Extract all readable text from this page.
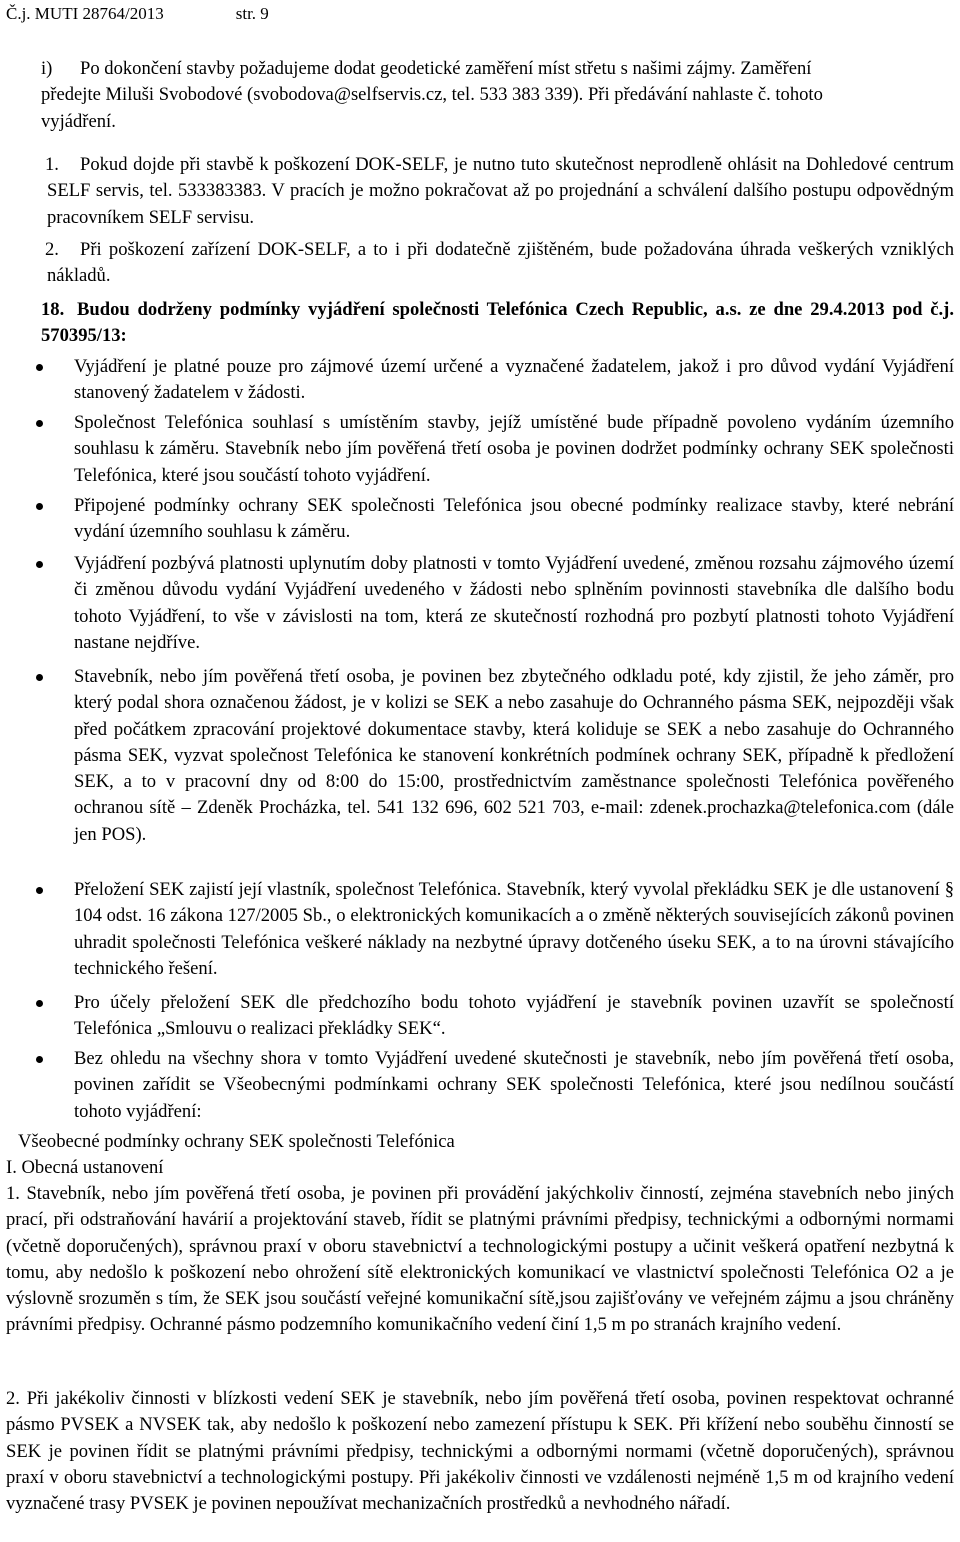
Č.j. MUTI 28764/2013	str. 9
i)	Po dokončení stavby požadujeme dodat geodetické zaměření míst střetu s našimi zájmy. Zaměření předejte Miluši Svobodové (svobodova@selfservis.cz, tel. 533 383 339). Při předávání nahlaste č. tohoto vyjádření.
1.	Pokud dojde při stavbě k poškození DOK-SELF, je nutno tuto skutečnost neprodleně ohlásit na Dohledové centrum SELF servis, tel. 533383383. V pracích je možno pokračovat až po projednání a schválení dalšího postupu odpovědným pracovníkem SELF servisu.
2.	Při poškození zařízení DOK-SELF, a to i při dodatečně zjištěném, bude požadována úhrada veškerých vzniklých nákladů.
18. Budou dodrženy podmínky vyjádření společnosti Telefónica Czech Republic, a.s. ze dne 29.4.2013 pod č.j. 570395/13:
Vyjádření je platné pouze pro zájmové území určené a vyznačené žadatelem, jakož i pro důvod vydání Vyjádření stanovený žadatelem v žádosti.
Společnost Telefónica souhlasí s umístěním stavby, jejíž umístěné bude případně povoleno vydáním územního souhlasu k záměru. Stavebník nebo jím pověřená třetí osoba je povinen dodržet podmínky ochrany SEK společnosti Telefónica, které jsou součástí tohoto vyjádření.
Připojené podmínky ochrany SEK společnosti Telefónica jsou obecné podmínky realizace stavby, které nebrání vydání územního souhlasu k záměru.
Vyjádření pozbývá platnosti uplynutím doby platnosti v tomto Vyjádření uvedené, změnou rozsahu zájmového území či změnou důvodu vydání Vyjádření uvedeného v žádosti nebo splněním povinnosti stavebníka dle dalšího bodu tohoto Vyjádření, to vše v závislosti na tom, která ze skutečností rozhodná pro pozbytí platnosti tohoto Vyjádření nastane nejdříve.
Stavebník, nebo jím pověřená třetí osoba, je povinen bez zbytečného odkladu poté, kdy zjistil, že jeho záměr, pro který podal shora označenou žádost, je v kolizi se SEK a nebo zasahuje do Ochranného pásma SEK, nejpozději však před počátkem zpracování projektové dokumentace stavby, která koliduje se SEK a nebo zasahuje do Ochranného pásma SEK, vyzvat společnost Telefónica ke stanovení konkrétních podmínek ochrany SEK, případně k předložení SEK, a to v pracovní dny od 8:00 do 15:00, prostřednictvím zaměstnance společnosti Telefónica pověřeného ochranou sítě – Zdeněk Procházka, tel. 541 132 696, 602 521 703, e-mail: zdenek.prochazka@telefonica.com (dále jen POS).
Přeložení SEK zajistí její vlastník, společnost Telefónica. Stavebník, který vyvolal překládku SEK je dle ustanovení § 104 odst. 16 zákona 127/2005 Sb., o elektronických komunikacích a o změně některých souvisejících zákonů povinen uhradit společnosti Telefónica veškeré náklady na nezbytné úpravy dotčeného úseku SEK, a to na úrovni stávajícího technického řešení.
Pro účely přeložení SEK dle předchozího bodu tohoto vyjádření je stavebník povinen uzavřít se společností Telefónica „Smlouvu o realizaci překládky SEK“.
Bez ohledu na všechny shora v tomto Vyjádření uvedené skutečnosti je stavebník, nebo jím pověřená třetí osoba, povinen zařídit se Všeobecnými podmínkami ochrany SEK společnosti Telefónica, které jsou nedílnou součástí tohoto vyjádření:
Všeobecné podmínky ochrany SEK společnosti Telefónica
I. Obecná ustanovení
1. Stavebník, nebo jím pověřená třetí osoba, je povinen při provádění jakýchkoliv činností, zejména stavebních nebo jiných prací, při odstraňování havárií a projektování staveb, řídit se platnými právními předpisy, technickými a odbornými normami (včetně doporučených), správnou praxí v oboru stavebnictví a technologickými postupy a učinit veškerá opatření nezbytná k tomu, aby nedošlo k poškození nebo ohrožení sítě elektronických komunikací ve vlastnictví společnosti Telefónica O2 a je výslovně srozuměn s tím, že SEK jsou součástí veřejné komunikační sítě,jsou zajišťovány ve veřejném zájmu a jsou chráněny právními předpisy. Ochranné pásmo podzemního komunikačního vedení činí 1,5 m po stranách krajního vedení.
2. Při jakékoliv činnosti v blízkosti vedení SEK je stavebník, nebo jím pověřená třetí osoba, povinen respektovat ochranné pásmo PVSEK a NVSEK tak, aby nedošlo k poškození nebo zamezení přístupu k SEK. Při křížení nebo souběhu činností se SEK je povinen řídit se platnými právními předpisy, technickými a odbornými normami (včetně doporučených), správnou praxí v oboru stavebnictví a technologickými postupy. Při jakékoliv činnosti ve vzdálenosti nejméně 1,5 m od krajního vedení vyznačené trasy PVSEK je povinen nepoužívat mechanizačních prostředků a nevhodného nářadí.
